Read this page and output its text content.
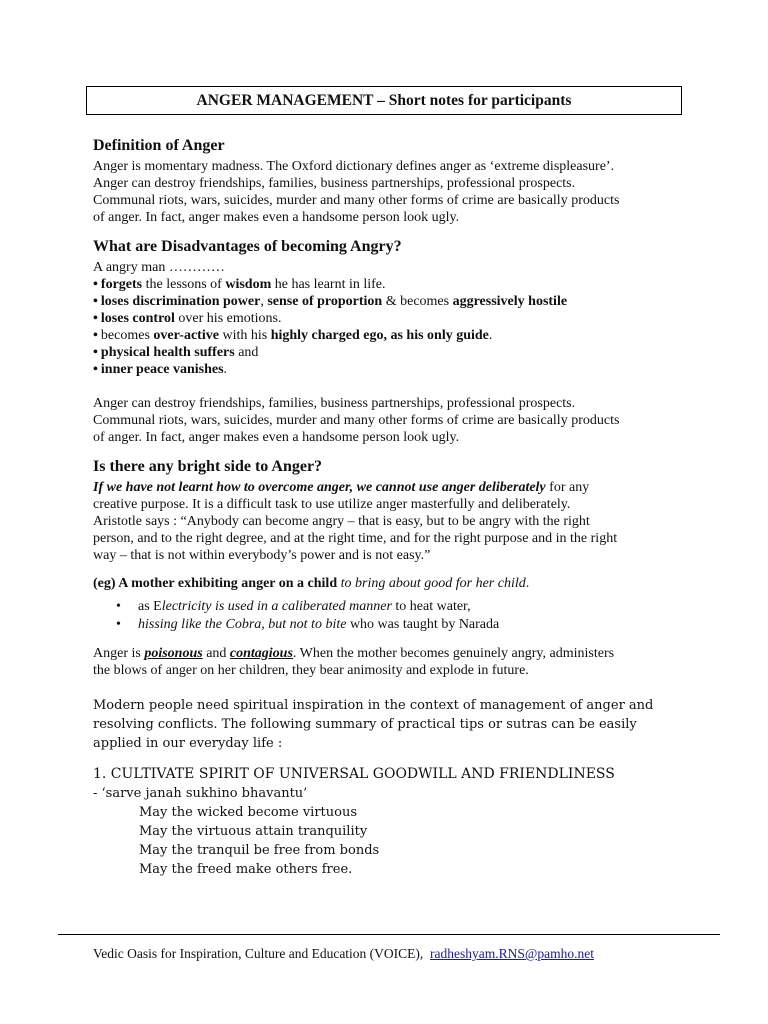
ANGER MANAGEMENT – Short notes for participants
Definition of Anger

Anger is momentary madness. The Oxford dictionary defines anger as ‘extreme displeasure’.

Anger can destroy friendships, families, business partnerships, professional prospects.

Communal riots, wars, suicides, murder and many other forms of crime are basically products

of anger. In fact, anger makes even a handsome person look ugly.

What are Disadvantages of becoming Angry?

A angry man …………

• forgets the lessons of wisdom he has learnt in life.

• loses discrimination power, sense of proportion & becomes aggressively hostile

• loses control over his emotions.

• becomes over-active with his highly charged ego, as his only guide.

• physical health suffers and

• inner peace vanishes.

Anger can destroy friendships, families, business partnerships, professional prospects.

Communal riots, wars, suicides, murder and many other forms of crime are basically products

of anger. In fact, anger makes even a handsome person look ugly.

Is there any bright side to Anger?

If we have not learnt how to overcome anger, we cannot use anger deliberately for any

creative purpose. It is a difficult task to use utilize anger masterfully and deliberately.

Aristotle says : “Anybody can become angry – that is easy, but to be angry with the right

person, and to the right degree, and at the right time, and for the right purpose and in the right

way – that is not within everybody’s power and is not easy.”

(eg) A mother exhibiting anger on a child to bring about good for her child.

• as Electricity is used in a caliberated manner to heat water,
• hissing like the Cobra, but not to bite who was taught by Narada

Anger is poisonous and contagious. When the mother becomes genuinely angry, administers

the blows of anger on her children, they bear animosity and explode in future.

Modern people need spiritual inspiration in the context of management of anger and

resolving conflicts. The following summary of practical tips or sutras can be easily

applied in our everyday life :

1. CULTIVATE SPIRIT OF UNIVERSAL GOODWILL AND FRIENDLINESS

- ‘sarve janah sukhino bhavantu’

May the wicked become virtuous

May the virtuous attain tranquility

May the tranquil be free from bonds

May the freed make others free.

Vedic Oasis for Inspiration, Culture and Education (VOICE), radheshyam.RNS@pamho.net
